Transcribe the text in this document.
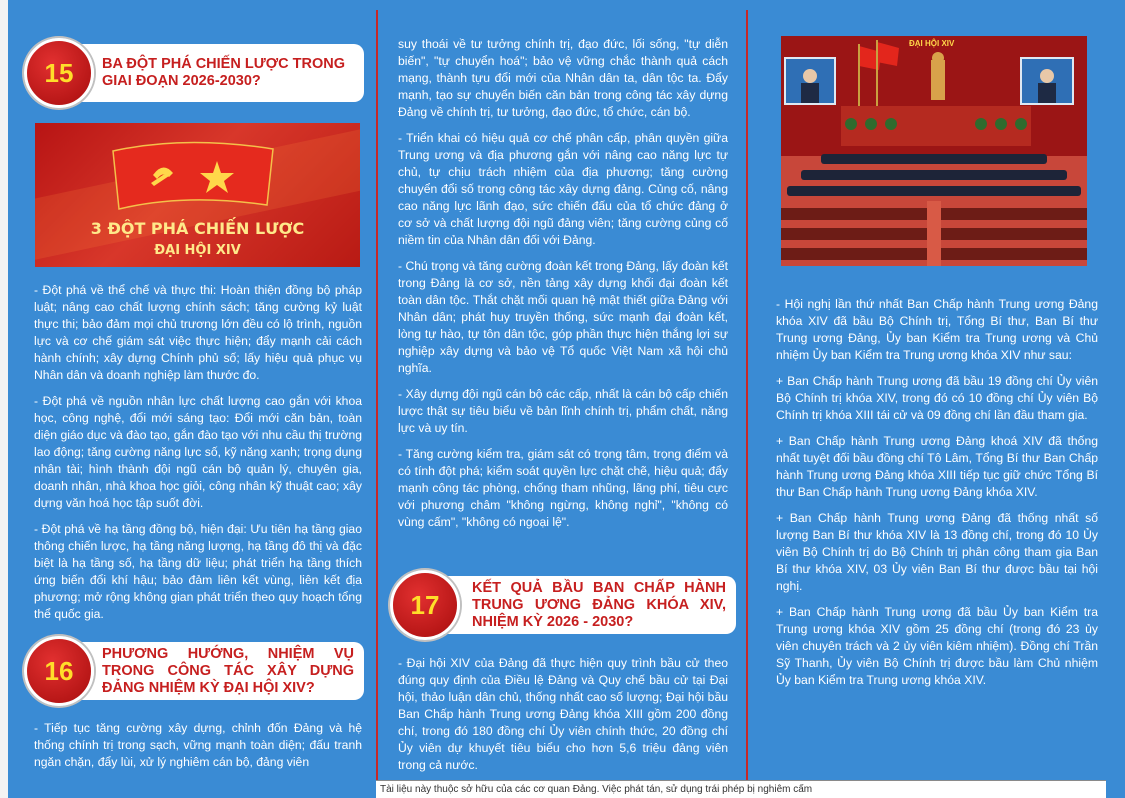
BA ĐỘT PHÁ CHIẾN LƯỢC TRONG GIAI ĐOẠN 2026-2030?
15
3 ĐỘT PHÁ CHIẾN LƯỢC
ĐẠI HỘI XIV

- Đột phá về thể chế và thực thi: Hoàn thiện đồng bộ pháp luật; nâng cao chất lượng chính sách; tăng cường kỷ luật thực thi; bảo đảm mọi chủ trương lớn đều có lộ trình, nguồn lực và cơ chế giám sát việc thực hiện; đẩy mạnh cải cách hành chính; xây dựng Chính phủ số; lấy hiệu quả phục vụ Nhân dân và doanh nghiệp làm thước đo.

- Đột phá về nguồn nhân lực chất lượng cao gắn với khoa học, công nghệ, đổi mới sáng tạo: Đổi mới căn bản, toàn diện giáo dục và đào tạo, gắn đào tạo với nhu cầu thị trường lao động; tăng cường năng lực số, kỹ năng xanh; trọng dụng nhân tài; hình thành đội ngũ cán bộ quản lý, chuyên gia, doanh nhân, nhà khoa học giỏi, công nhân kỹ thuật cao; xây dựng văn hoá học tập suốt đời.

- Đột phá về hạ tầng đồng bộ, hiện đại: Ưu tiên hạ tầng giao thông chiến lược, hạ tầng năng lượng, hạ tầng đô thị và đặc biệt là hạ tầng số, hạ tầng dữ liệu; phát triển hạ tầng thích ứng biến đổi khí hậu; bảo đảm liên kết vùng, liên kết địa phương; mở rộng không gian phát triển theo quy hoạch tổng thể quốc gia.

PHƯƠNG HƯỚNG, NHIỆM VỤ TRONG CÔNG TÁC XÂY DỰNG ĐẢNG NHIỆM KỲ ĐẠI HỘI XIV?
16

- Tiếp tục tăng cường xây dựng, chỉnh đốn Đảng và hệ thống chính trị trong sạch, vững mạnh toàn diện; đấu tranh ngăn chặn, đẩy lùi, xử lý nghiêm cán bộ, đảng viên

suy thoái về tư tưởng chính trị, đạo đức, lối sống, "tự diễn biến", "tự chuyển hoá"; bảo vệ vững chắc thành quả cách mạng, thành tựu đổi mới của Nhân dân ta, dân tộc ta. Đẩy mạnh, tạo sự chuyển biến căn bản trong công tác xây dựng Đảng về chính trị, tư tưởng, đạo đức, tổ chức, cán bộ.

- Triển khai có hiệu quả cơ chế phân cấp, phân quyền giữa Trung ương và địa phương gắn với nâng cao năng lực tự chủ, tự chịu trách nhiệm của địa phương; tăng cường chuyển đổi số trong công tác xây dựng đảng. Củng cố, nâng cao năng lực lãnh đạo, sức chiến đấu của tổ chức đảng ở cơ sở và chất lượng đội ngũ đảng viên; tăng cường củng cố niềm tin của Nhân dân đối với Đảng.

- Chú trọng và tăng cường đoàn kết trong Đảng, lấy đoàn kết trong Đảng là cơ sở, nền tảng xây dựng khối đại đoàn kết toàn dân tộc. Thắt chặt mối quan hệ mật thiết giữa Đảng với Nhân dân; phát huy truyền thống, sức mạnh đại đoàn kết, lòng tự hào, tự tôn dân tộc, góp phần thực hiện thắng lợi sự nghiệp xây dựng và bảo vệ Tổ quốc Việt Nam xã hội chủ nghĩa.

- Xây dựng đội ngũ cán bộ các cấp, nhất là cán bộ cấp chiến lược thật sự tiêu biểu về bản lĩnh chính trị, phẩm chất, năng lực và uy tín.

- Tăng cường kiểm tra, giám sát có trọng tâm, trọng điểm và có tính đột phá; kiểm soát quyền lực chặt chẽ, hiệu quả; đẩy mạnh công tác phòng, chống tham nhũng, lãng phí, tiêu cực với phương châm "không ngừng, không nghỉ", "không có vùng cấm", "không có ngoại lệ".

KẾT QUẢ BẦU BAN CHẤP HÀNH TRUNG ƯƠNG ĐẢNG KHÓA XIV, NHIỆM KỲ 2026 - 2030?
17

- Đại hội XIV của Đảng đã thực hiện quy trình bầu cử theo đúng quy định của Điều lệ Đảng và Quy chế bầu cử tại Đại hội, thảo luận dân chủ, thống nhất cao số lượng; Đại hội bầu Ban Chấp hành Trung ương Đảng khóa XIII gồm 200 đồng chí, trong đó 180 đồng chí Ủy viên chính thức, 20 đồng chí Ủy viên dự khuyết tiêu biểu cho hơn 5,6 triệu đảng viên trong cả nước.

ĐẠI HỘI XIV

- Hội nghị lần thứ nhất Ban Chấp hành Trung ương Đảng khóa XIV đã bầu Bộ Chính trị, Tổng Bí thư, Ban Bí thư Trung ương Đảng, Ủy ban Kiểm tra Trung ương và Chủ nhiệm Ủy ban Kiểm tra Trung ương khóa XIV như sau:

+ Ban Chấp hành Trung ương đã bầu 19 đồng chí Ủy viên Bộ Chính trị khóa XIV, trong đó có 10 đồng chí Ủy viên Bộ Chính trị khóa XIII tái cử và 09 đồng chí lần đầu tham gia.

+ Ban Chấp hành Trung ương Đảng khoá XIV đã thống nhất tuyệt đối bầu đồng chí Tô Lâm, Tổng Bí thư Ban Chấp hành Trung ương Đảng khóa XIII tiếp tục giữ chức Tổng Bí thư Ban Chấp hành Trung ương Đảng khóa XIV.

+ Ban Chấp hành Trung ương Đảng đã thống nhất số lượng Ban Bí thư khóa XIV là 13 đồng chí, trong đó 10 Ủy viên Bộ Chính trị do Bộ Chính trị phân công tham gia Ban Bí thư khóa XIV, 03 Ủy viên Ban Bí thư được bầu tại hội nghị.

+ Ban Chấp hành Trung ương đã bầu Ủy ban Kiểm tra Trung ương khóa XIV gồm 25 đồng chí (trong đó 23 ủy viên chuyên trách và 2 ủy viên kiêm nhiệm). Đồng chí Trần Sỹ Thanh, Ủy viên Bộ Chính trị được bầu làm Chủ nhiệm Ủy ban Kiểm tra Trung ương khóa XIV.

Tài liệu này thuộc sở hữu của các cơ quan Đảng. Việc phát tán, sử dụng trái phép bị nghiêm cấm
